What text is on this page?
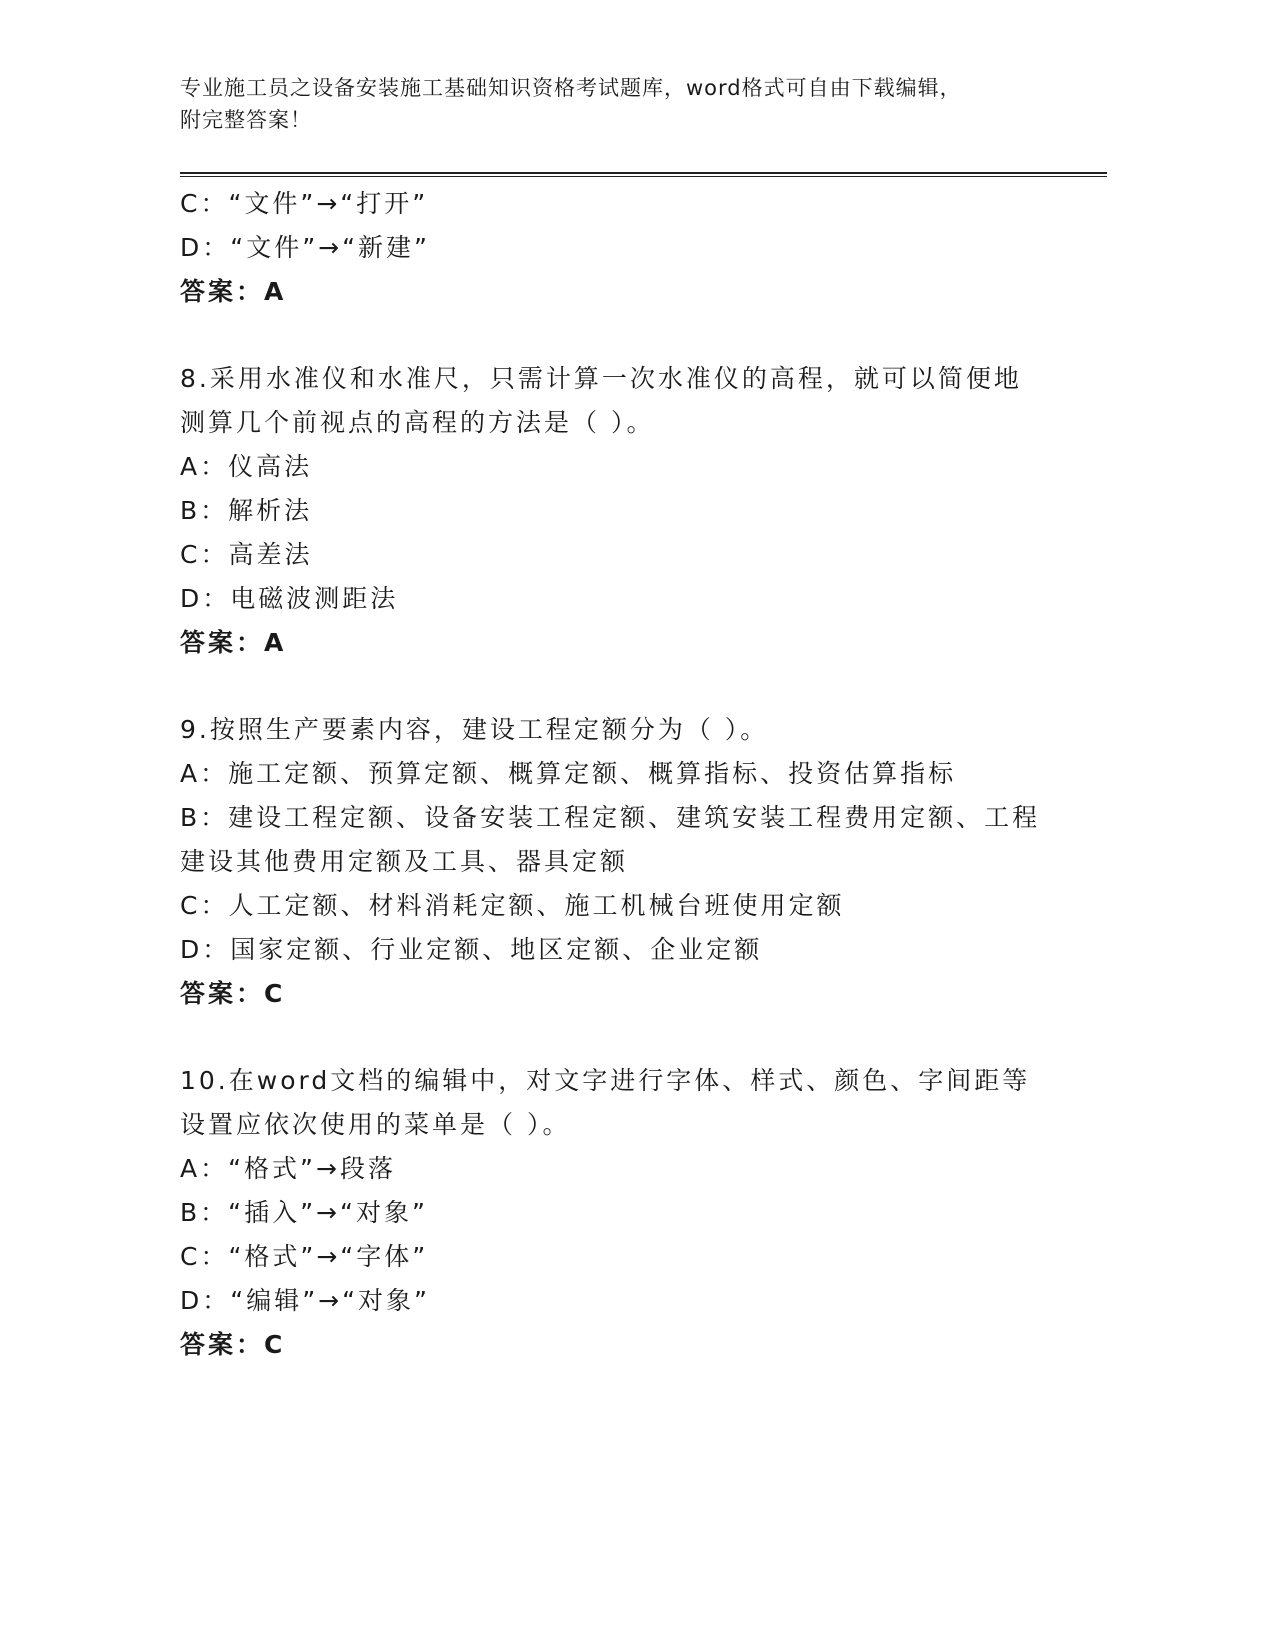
专业施工员之设备安装施工基础知识资格考试题库，word格式可自由下载编辑，
附完整答案！
C：“文件”→“打开”
D：“文件”→“新建”
答案：A
8.采用水准仪和水准尺，只需计算一次水准仪的高程，就可以简便地
测算几个前视点的高程的方法是（ ）。
A：仪高法
B：解析法
C：高差法
D：电磁波测距法
答案：A
9.按照生产要素内容，建设工程定额分为（ ）。
A：施工定额、预算定额、概算定额、概算指标、投资估算指标
B：建设工程定额、设备安装工程定额、建筑安装工程费用定额、工程
建设其他费用定额及工具、器具定额
C：人工定额、材料消耗定额、施工机械台班使用定额
D：国家定额、行业定额、地区定额、企业定额
答案：C
10.在word文档的编辑中，对文字进行字体、样式、颜色、字间距等
设置应依次使用的菜单是（ ）。
A：“格式”→段落
B：“插入”→“对象”
C：“格式”→“字体”
D：“编辑”→“对象”
答案：C
